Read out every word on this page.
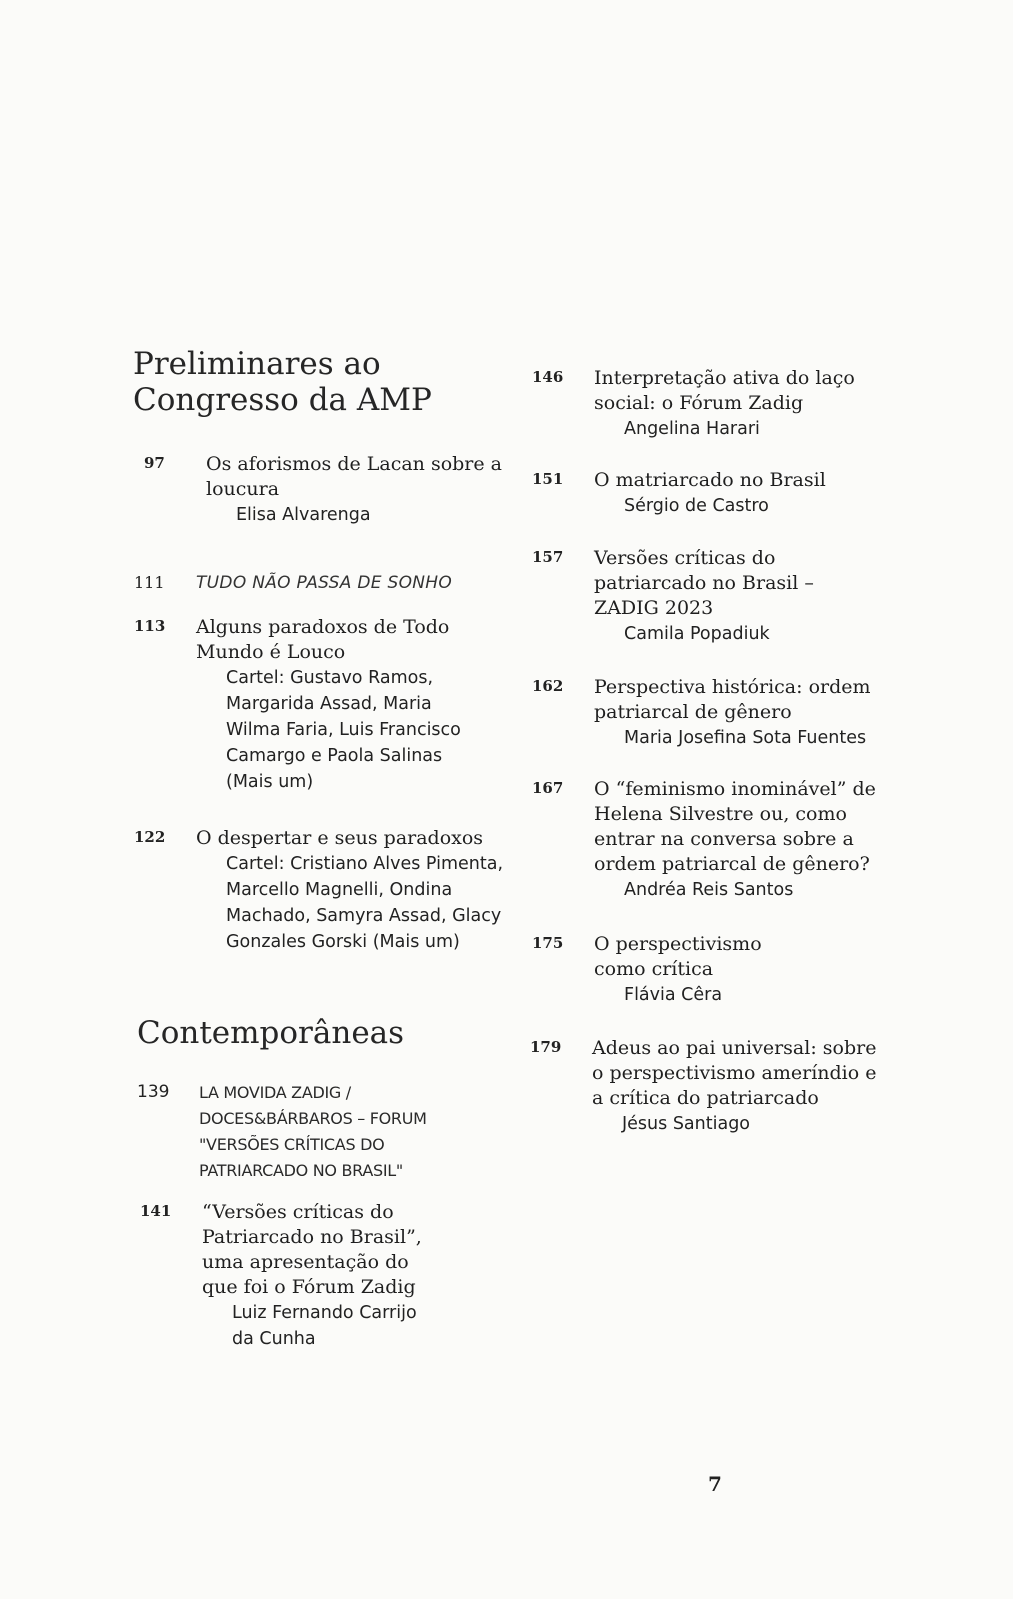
Preliminares ao Congresso da AMP
97 Os aforismos de Lacan sobre a loucura
Elisa Alvarenga
111 TUDO NÃO PASSA DE SONHO
113 Alguns paradoxos de Todo Mundo é Louco
Cartel: Gustavo Ramos, Margarida Assad, Maria Wilma Faria, Luis Francisco Camargo e Paola Salinas (Mais um)
122 O despertar e seus paradoxos
Cartel: Cristiano Alves Pimenta, Marcello Magnelli, Ondina Machado, Samyra Assad, Glacy Gonzales Gorski (Mais um)
Contemporâneas
139 LA MOVIDA ZADIG / DOCES&BÁRBAROS – FORUM "VERSÕES CRÍTICAS DO PATRIARCADO NO BRASIL"
141 “Versões críticas do Patriarcado no Brasil”, uma apresentação do que foi o Fórum Zadig
Luiz Fernando Carrijo da Cunha
146 Interpretação ativa do laço social: o Fórum Zadig
Angelina Harari
151 O matriarcado no Brasil
Sérgio de Castro
157 Versões críticas do patriarcado no Brasil – ZADIG 2023
Camila Popadiuk
162 Perspectiva histórica: ordem patriarcal de gênero
Maria Josefina Sota Fuentes
167 O “feminismo inominável” de Helena Silvestre ou, como entrar na conversa sobre a ordem patriarcal de gênero?
Andréa Reis Santos
175 O perspectivismo como crítica
Flávia Cêra
179 Adeus ao pai universal: sobre o perspectivismo ameríndio e a crítica do patriarcado
Jésus Santiago
7
